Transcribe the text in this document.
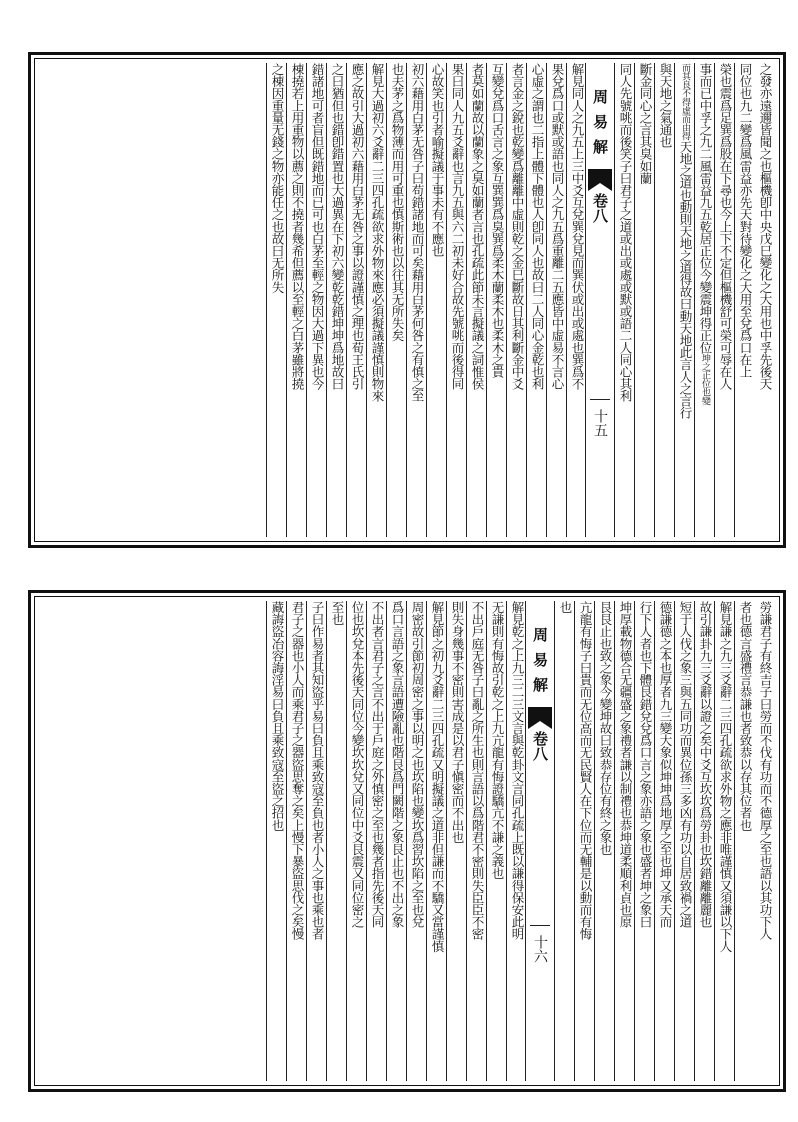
之發亦遠邇皆聞之也樞機卽中央戊巳變化之大用也中孚先後天
同位也九二變爲風雷益亦先天對待變化之大用至兌爲口在上
榮也震爲足巽爲股在下尋也今上下不定但樞機舒可榮可辱在人
事而已中孚之九二風雷益九五乾居正位今變震坤得正位坤之正位也變
而其良不得虛而由得天地之道也動則天地之道得故曰動天地此言人之言行
與天地之氣通也
斷金同心之言其臭如蘭
同人先號咷而後笑子曰君子之道或出或處或默或語二人同心其利
周易解
卷八
十五
解見同人之九五上三中爻互兌巽兌見而巽伏或出或處也巽爲不
果兌爲口或默或語也同人之九五爲重離二五應皆中虛易不言心
心虛之謂也二指上體下體也人卽同人也故曰二人同心金乾也利
者言金之銳也乾變爲離離中虛則乾之金巳斷故日其利斷金中爻
互變兌爲口舌言之象互巽巽爲臭巽爲柔木蘭柔木也柔木之貴
者莫如蘭故以蘭象之臭如蘭者言也孔疏此節未言擬議之詞惟侯
果曰同人九五爻辭也言九五與六二初未好合故先號咷而後得同
心故笑也引者喻擬議于事未有不應也
初六藉用白茅无咎子曰苟錯諸地而可矣藉用白茅何咎之有慎之至
也夫茅之爲物薄而用可重也慎斯術也以往其无所失矣
解見大過初六爻辭二三四孔疏欲求外物來應必須擬議謹慎則物來
應之故引大過初六藉用白茅无咎之事以證謹慎之理也荀王氏引
之曰猶但也錯卽錯置也大過異在下初六變乾乾錯坤坤爲地故曰
錯諸地可者盲但既錯地而已可也白茅至輕之物因大過下異也今
棟撓若上用重物以薦之則不撓者幾希但薦以至輕之白茅雖將撓
之棟因重量无錢之物亦能任之也故曰无所失
勞謙君子有終吉子曰勞而不伐有功而不德厚之至也語以其功下人
者也德言盛禮言恭謙也者致恭以存其位者也
解見謙之九三爻辭二三四孔疏欲求外物之應非唯謹慎又須謙以下人
故引謙卦九三爻辭以證之矣中爻互坎坎爲勞卦也坎錯離離麗也
短于人伐之象三與五同功而異位孫三多凶有功以自居致禍之道
德謙德之本也厚者九三變大象似坤坤爲地厚之至也坤又承天而
行下人者也下體艮錯兌兌爲口言之象亦語之象也盛者坤之象曰
坤厚載物德合无疆盛之象禮者謙以制禮也恭坤道柔順利貞也原
艮艮止也致之象今變坤故曰致恭存位有終之象也
亢龍有悔子曰貴而无位高而无民賢人在下位而无輔是以動而有悔
也
周易解
卷八
十六
解見乾之上九三二三文言與乾卦文言同孔疏上既以謙得保安此明
无謙則有悔故引乾之上九亢龍有悔證驕亢不謙之義也
不出戶庭无咎子曰亂之所生也則言語以爲階君不密則失臣臣不密
則失身幾事不密則害成是以君子愼密而不出也
解見節之初九爻辭二三四孔疏又明擬議之道非但謙而不驕又當謹慎
周密故引節初周密之事以明之也坎陷也變坎爲習坎陷之至也兌
爲口言語之象言語遭險亂也階艮爲門闕階之象艮止也不出之象
不出者言君子之言不出于戶庭之外慎密之至也幾者指先後天同
位也坎兌本先後天同位今變坎坎兌又同位中爻艮震又同位密之
至也
子曰作易者其知盜乎易曰負且乘致寇至負也者小人之事也乘也者
君子之器也小人而乘君子之器盜思奪之矣上慢下暴盜思伐之矣慢
藏誨盜冶容誨淫易曰負且乘致寇至盜之招也
